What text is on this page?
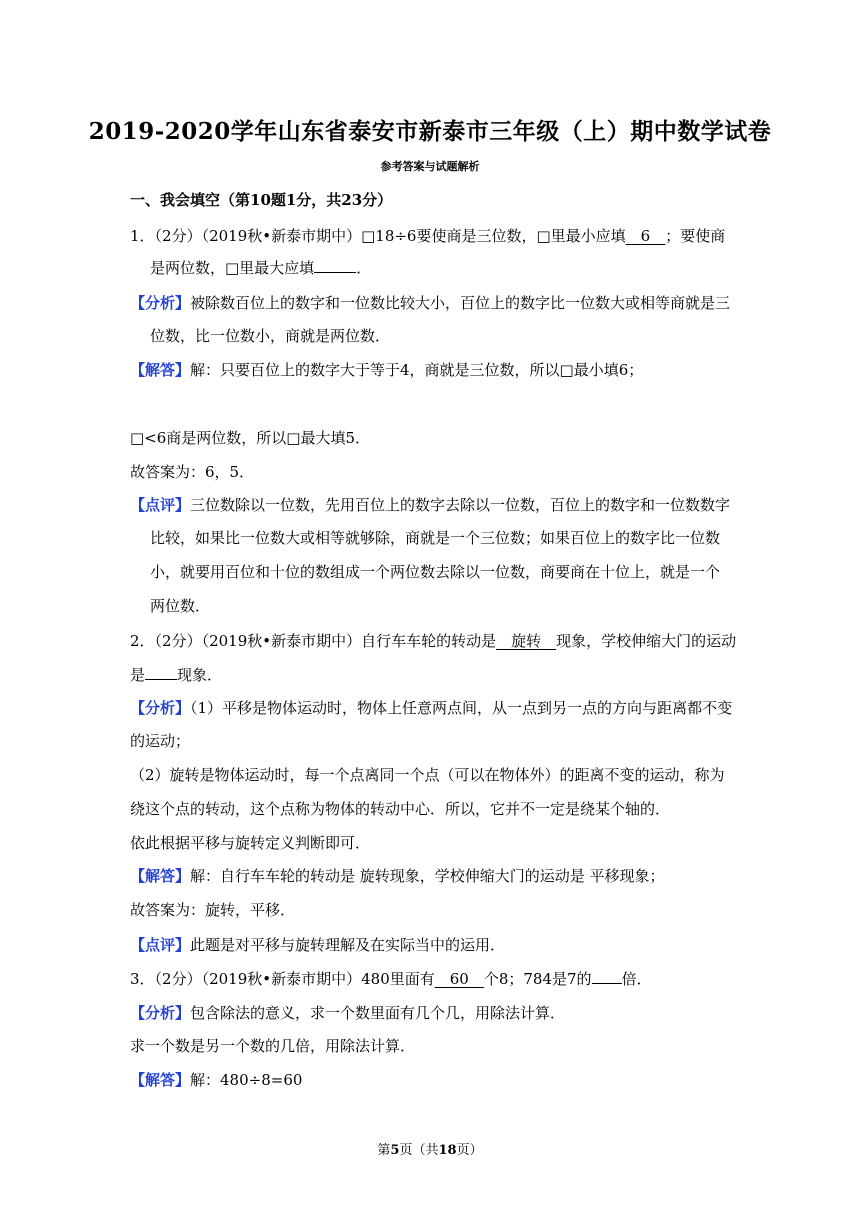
2019-2020学年山东省泰安市新泰市三年级（上）期中数学试卷
参考答案与试题解析
一、我会填空（第10题1分，共23分）
1．（2分）（2019秋•新泰市期中）□18÷6要使商是三位数，□里最小应填  6  ；要使商
是两位数，□里最大应填	．
【分析】被除数百位上的数字和一位数比较大小，百位上的数字比一位数大或相等商就是三
位数，比一位数小，商就是两位数．
【解答】解：只要百位上的数字大于等于4，商就是三位数，所以□最小填6；
□<6商是两位数，所以□最大填5．
故答案为：6，5．
【点评】三位数除以一位数，先用百位上的数字去除以一位数，百位上的数字和一位数数字
比较，如果比一位数大或相等就够除，商就是一个三位数；如果百位上的数字比一位数
小，就要用百位和十位的数组成一个两位数去除以一位数，商要商在十位上，就是一个
两位数．
2．（2分）（2019秋•新泰市期中）自行车车轮的转动是   旋转   现象，学校伸缩大门的运动
是 现象．
【分析】（1）平移是物体运动时，物体上任意两点间，从一点到另一点的方向与距离都不变
的运动；
（2）旋转是物体运动时，每一个点离同一个点（可以在物体外）的距离不变的运动，称为
绕这个点的转动，这个点称为物体的转动中心．所以，它并不一定是绕某个轴的．
依此根据平移与旋转定义判断即可．
【解答】解：自行车车轮的转动是 旋转现象，学校伸缩大门的运动是 平移现象；
故答案为：旋转，平移．
【点评】此题是对平移与旋转理解及在实际当中的运用．
3．（2分）（2019秋•新泰市期中）480里面有   60   个8；784是7的 倍．
【分析】包含除法的意义，求一个数里面有几个几，用除法计算．
求一个数是另一个数的几倍，用除法计算．
【解答】解：480÷8=60
第5页（共18页）
